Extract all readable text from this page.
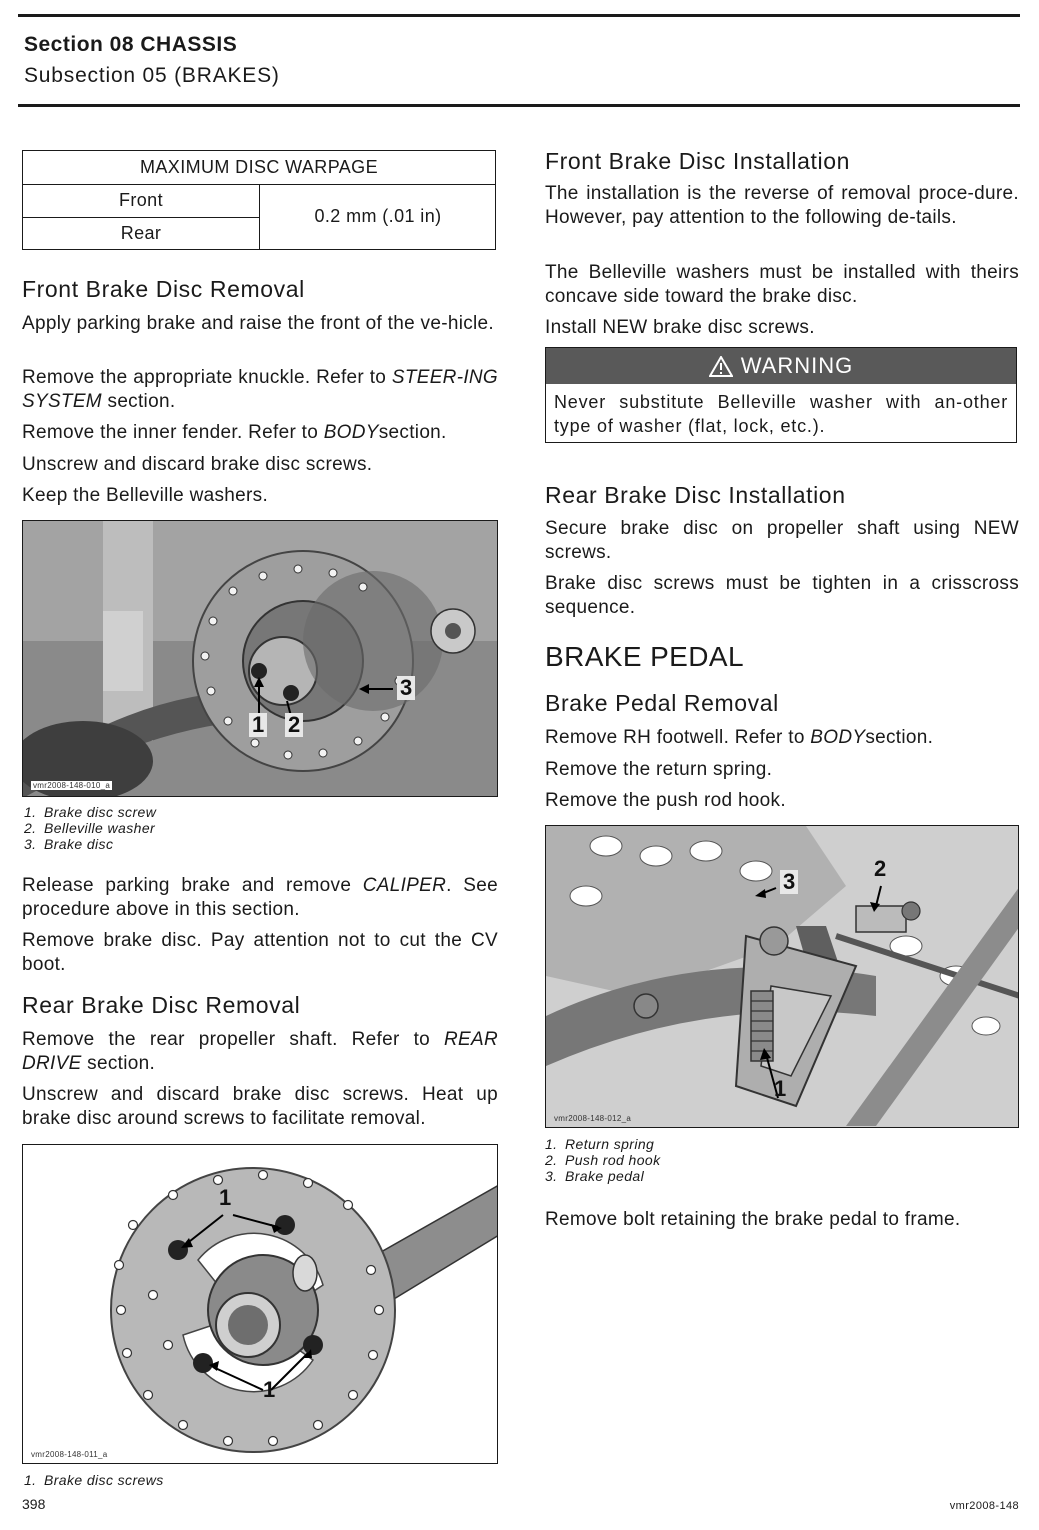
Section 08 CHASSIS
Subsection 05 (BRAKES)
MAXIMUM DISC WARPAGE
Front
Rear
0.2 mm (.01 in)
Front Brake Disc Removal

Apply parking brake and raise the front of the ve-hicle.

Remove the appropriate knuckle. Refer to STEER-ING SYSTEM section.

Remove the inner fender. Refer to BODYsection.

Unscrew and discard brake disc screws.

Keep the Belleville washers.

1 2
3
vmr2008-148-010_a
1. Brake disc screw
2. Belleville washer
3. Brake disc

Release parking brake and remove CALIPER. See procedure above in this section.

Remove brake disc. Pay attention not to cut the CV boot.

Rear Brake Disc Removal

Remove the rear propeller shaft. Refer to REAR DRIVE section.

Unscrew and discard brake disc screws. Heat up brake disc around screws to facilitate removal.

1
1
vmr2008-148-011_a
1. Brake disc screws
Front Brake Disc Installation

The installation is the reverse of removal proce-dure. However, pay attention to the following de-tails.

The Belleville washers must be installed with theirs concave side toward the brake disc.

Install NEW brake disc screws.

WARNING
Never substitute Belleville washer with an-other type of washer (flat, lock, etc.).
Rear Brake Disc Installation

Secure brake disc on propeller shaft using NEW screws.

Brake disc screws must be tighten in a crisscross sequence.

BRAKE PEDAL
Brake Pedal Removal

Remove RH footwell. Refer to BODYsection.

Remove the return spring.

Remove the push rod hook.

1
2
3
vmr2008-148-012_a
1. Return spring
2. Push rod hook
3. Brake pedal

Remove bolt retaining the brake pedal to frame.

398	vmr2008-148
